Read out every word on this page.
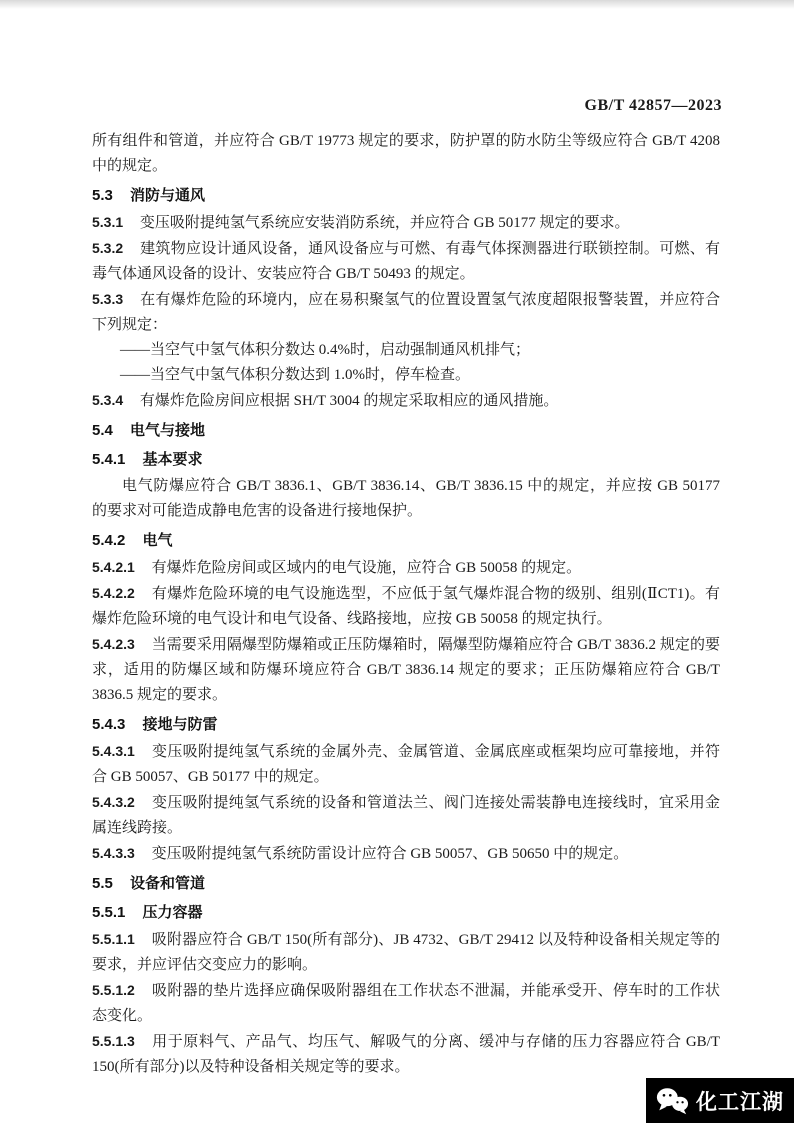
GB/T 42857—2023

所有组件和管道，并应符合 GB/T 19773 规定的要求，防护罩的防水防尘等级应符合 GB/T 4208 中的规定。

5.3 消防与通风

5.3.1 变压吸附提纯氢气系统应安装消防系统，并应符合 GB 50177 规定的要求。

5.3.2 建筑物应设计通风设备，通风设备应与可燃、有毒气体探测器进行联锁控制。可燃、有毒气体通风设备的设计、安装应符合 GB/T 50493 的规定。

5.3.3 在有爆炸危险的环境内，应在易积聚氢气的位置设置氢气浓度超限报警装置，并应符合下列规定：

——当空气中氢气体积分数达 0.4%时，启动强制通风机排气；

——当空气中氢气体积分数达到 1.0%时，停车检查。

5.3.4 有爆炸危险房间应根据 SH/T 3004 的规定采取相应的通风措施。

5.4 电气与接地
5.4.1 基本要求

电气防爆应符合 GB/T 3836.1、GB/T 3836.14、GB/T 3836.15 中的规定，并应按 GB 50177 的要求对可能造成静电危害的设备进行接地保护。

5.4.2 电气

5.4.2.1 有爆炸危险房间或区域内的电气设施，应符合 GB 50058 的规定。

5.4.2.2 有爆炸危险环境的电气设施选型，不应低于氢气爆炸混合物的级别、组别(ⅡCT1)。有爆炸危险环境的电气设计和电气设备、线路接地，应按 GB 50058 的规定执行。

5.4.2.3 当需要采用隔爆型防爆箱或正压防爆箱时，隔爆型防爆箱应符合 GB/T 3836.2 规定的要求，适用的防爆区域和防爆环境应符合 GB/T 3836.14 规定的要求；正压防爆箱应符合 GB/T 3836.5 规定的要求。

5.4.3 接地与防雷

5.4.3.1 变压吸附提纯氢气系统的金属外壳、金属管道、金属底座或框架均应可靠接地，并符合 GB 50057、GB 50177 中的规定。

5.4.3.2 变压吸附提纯氢气系统的设备和管道法兰、阀门连接处需装静电连接线时，宜采用金属连线跨接。

5.4.3.3 变压吸附提纯氢气系统防雷设计应符合 GB 50057、GB 50650 中的规定。

5.5 设备和管道
5.5.1 压力容器

5.5.1.1 吸附器应符合 GB/T 150(所有部分)、JB 4732、GB/T 29412 以及特种设备相关规定等的要求，并应评估交变应力的影响。

5.5.1.2 吸附器的垫片选择应确保吸附器组在工作状态不泄漏，并能承受开、停车时的工作状态变化。

5.5.1.3 用于原料气、产品气、均压气、解吸气的分离、缓冲与存储的压力容器应符合 GB/T 150(所有部分)以及特种设备相关规定等的要求。

化工江湖
